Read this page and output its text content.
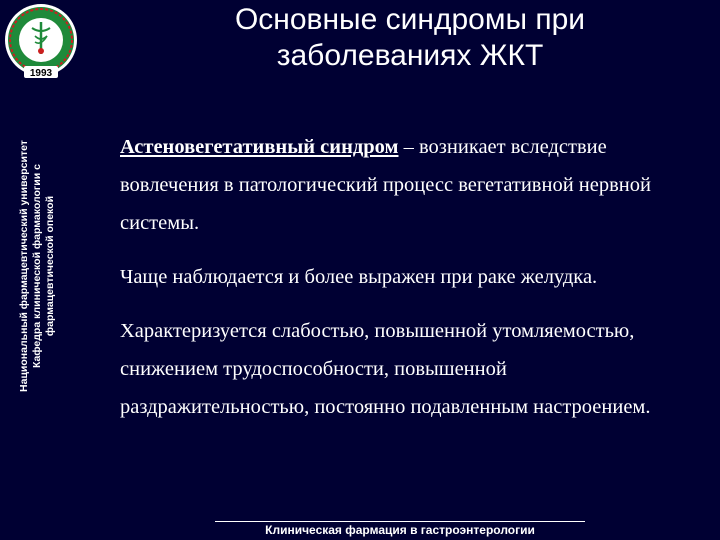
1993
Национальный фармацевтический университет Кафедра клинической фармакологии с фармацевтической опекой
Основные синдромы при
заболеваниях ЖКТ

Астеновегетативный синдром – возникает вследствие вовлечения в патологический процесс вегетативной нервной системы.

Чаще наблюдается и более выражен при раке желудка.

Характеризуется слабостью, повышенной утомляемостью, снижением трудоспособности, повышенной раздражительностью, постоянно подавленным настроением.

Клиническая фармация в гастроэнтерологии
